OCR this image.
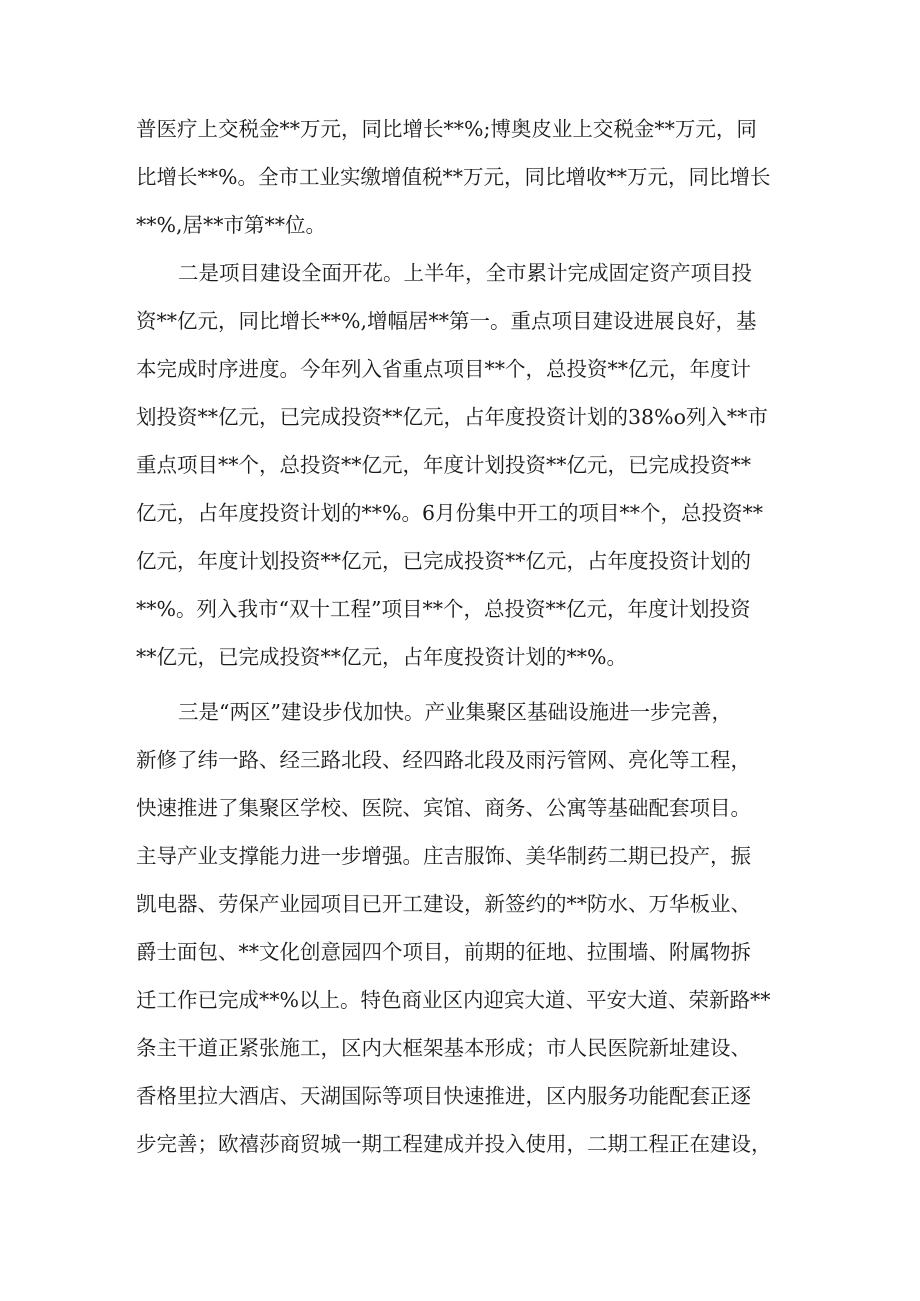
普医疗上交税金**万元，同比增长**%;博奥皮业上交税金**万元，同
比增长**%。全市工业实缴增值税**万元，同比增收**万元，同比增长
**%,居**市第**位。
二是项目建设全面开花。上半年，全市累计完成固定资产项目投
资**亿元，同比增长**%,增幅居**第一。重点项目建设进展良好，基
本完成时序进度。今年列入省重点项目**个，总投资**亿元，年度计
划投资**亿元，已完成投资**亿元，占年度投资计划的38%o列入**市
重点项目**个，总投资**亿元，年度计划投资**亿元，已完成投资**
亿元，占年度投资计划的**%。6月份集中开工的项目**个，总投资**
亿元，年度计划投资**亿元，已完成投资**亿元，占年度投资计划的
**%。列入我市“双十工程”项目**个，总投资**亿元，年度计划投资
**亿元，已完成投资**亿元，占年度投资计划的**%。
三是“两区”建设步伐加快。产业集聚区基础设施进一步完善，
新修了纬一路、经三路北段、经四路北段及雨污管网、亮化等工程，
快速推进了集聚区学校、医院、宾馆、商务、公寓等基础配套项目。
主导产业支撑能力进一步增强。庄吉服饰、美华制药二期已投产，振
凯电器、劳保产业园项目已开工建设，新签约的**防水、万华板业、
爵士面包、**文化创意园四个项目，前期的征地、拉围墙、附属物拆
迁工作已完成**%以上。特色商业区内迎宾大道、平安大道、荣新路**
条主干道正紧张施工，区内大框架基本形成；市人民医院新址建设、
香格里拉大酒店、天湖国际等项目快速推进，区内服务功能配套正逐
步完善；欧禧莎商贸城一期工程建成并投入使用，二期工程正在建设，
